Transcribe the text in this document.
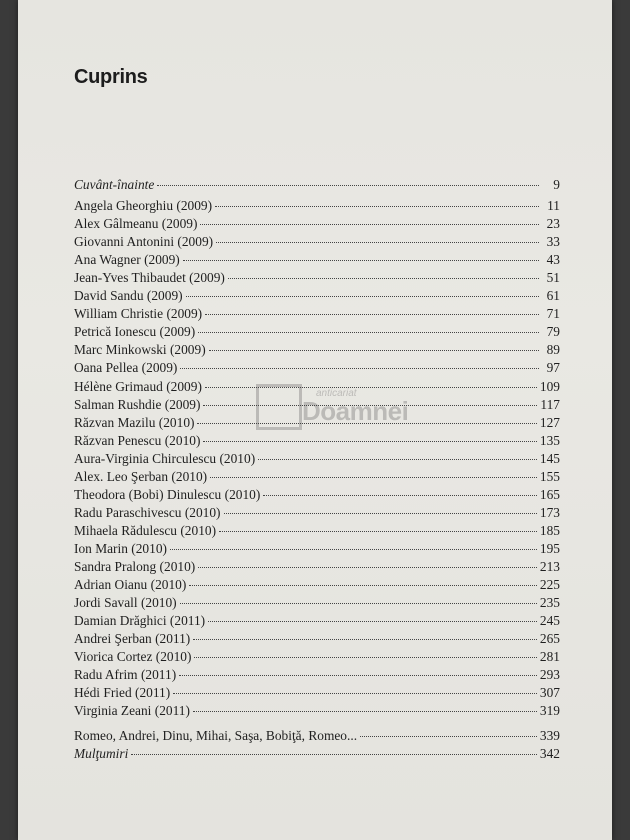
Cuprins
anticariat
Doamnei
Cuvânt-înainte	9
Angela Gheorghiu (2009)	11
Alex Gâlmeanu (2009)	23
Giovanni Antonini (2009)	33
Ana Wagner (2009)	43
Jean-Yves Thibaudet (2009)	51
David Sandu (2009)	61
William Christie (2009)	71
Petrică Ionescu (2009)	79
Marc Minkowski (2009)	89
Oana Pellea (2009)	97
Hélène Grimaud (2009)	109
Salman Rushdie (2009)	117
Răzvan Mazilu (2010)	127
Răzvan Penescu (2010)	135
Aura-Virginia Chirculescu (2010)	145
Alex. Leo Şerban (2010)	155
Theodora (Bobi) Dinulescu (2010)	165
Radu Paraschivescu (2010)	173
Mihaela Rădulescu (2010)	185
Ion Marin (2010)	195
Sandra Pralong (2010)	213
Adrian Oianu (2010)	225
Jordi Savall (2010)	235
Damian Drăghici (2011)	245
Andrei Şerban (2011)	265
Viorica Cortez (2010)	281
Radu Afrim (2011)	293
Hédi Fried (2011)	307
Virginia Zeani (2011)	319
Romeo, Andrei, Dinu, Mihai, Saşa, Bobiţă, Romeo...	339
Mulţumiri	342
